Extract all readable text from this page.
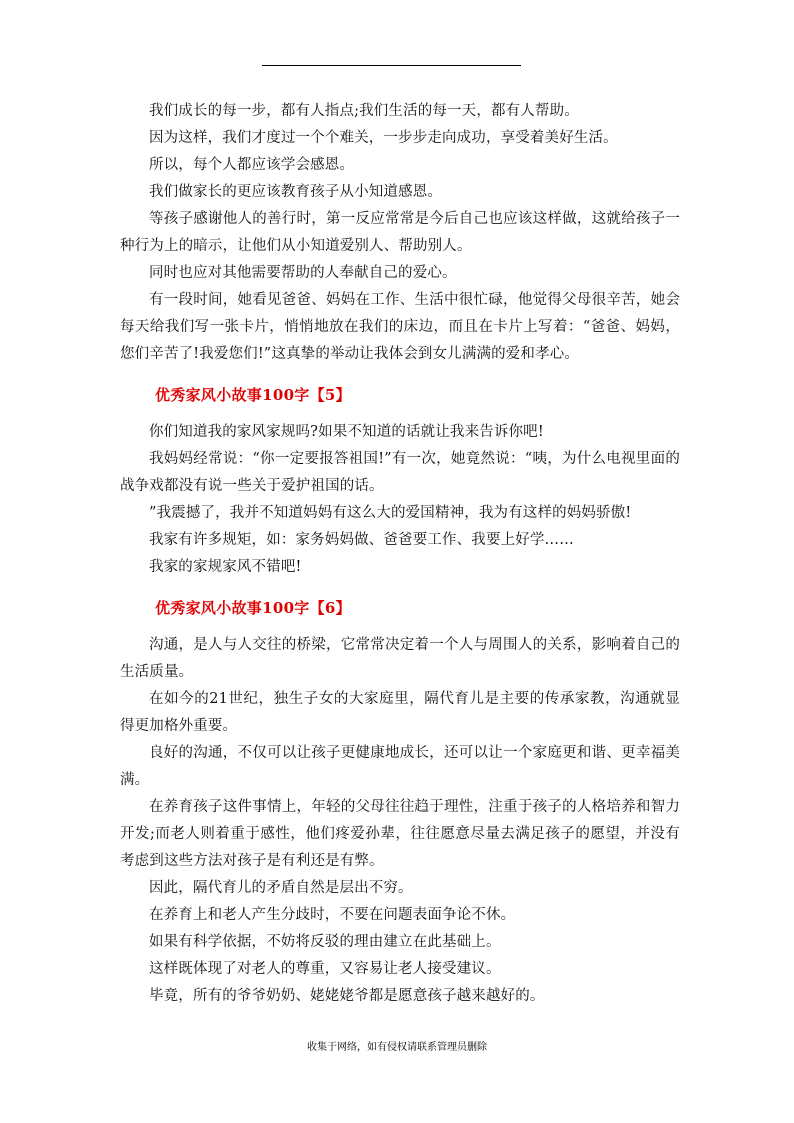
我们成长的每一步，都有人指点;我们生活的每一天，都有人帮助。

因为这样，我们才度过一个个难关，一步步走向成功，享受着美好生活。

所以，每个人都应该学会感恩。

我们做家长的更应该教育孩子从小知道感恩。

等孩子感谢他人的善行时，第一反应常常是今后自己也应该这样做，这就给孩子一种行为上的暗示，让他们从小知道爱别人、帮助别人。

同时也应对其他需要帮助的人奉献自己的爱心。

有一段时间，她看见爸爸、妈妈在工作、生活中很忙碌，他觉得父母很辛苦，她会每天给我们写一张卡片，悄悄地放在我们的床边，而且在卡片上写着：“爸爸、妈妈，您们辛苦了!我爱您们!”这真挚的举动让我体会到女儿满满的爱和孝心。

优秀家风小故事100字【5】

你们知道我的家风家规吗?如果不知道的话就让我来告诉你吧!

我妈妈经常说：“你一定要报答祖国!”有一次，她竟然说：“咦，为什么电视里面的战争戏都没有说一些关于爱护祖国的话。

”我震撼了，我并不知道妈妈有这么大的爱国精神，我为有这样的妈妈骄傲!

我家有许多规矩，如：家务妈妈做、爸爸要工作、我要上好学……

我家的家规家风不错吧!

优秀家风小故事100字【6】

沟通，是人与人交往的桥梁，它常常决定着一个人与周围人的关系，影响着自己的生活质量。

在如今的21世纪，独生子女的大家庭里，隔代育儿是主要的传承家教，沟通就显得更加格外重要。

良好的沟通，不仅可以让孩子更健康地成长，还可以让一个家庭更和谐、更幸福美满。

在养育孩子这件事情上，年轻的父母往往趋于理性，注重于孩子的人格培养和智力开发;而老人则着重于感性，他们疼爱孙辈，往往愿意尽量去满足孩子的愿望，并没有考虑到这些方法对孩子是有利还是有弊。

因此，隔代育儿的矛盾自然是层出不穷。

在养育上和老人产生分歧时，不要在问题表面争论不休。

如果有科学依据，不妨将反驳的理由建立在此基础上。

这样既体现了对老人的尊重，又容易让老人接受建议。

毕竟，所有的爷爷奶奶、姥姥姥爷都是愿意孩子越来越好的。

收集于网络，如有侵权请联系管理员删除
